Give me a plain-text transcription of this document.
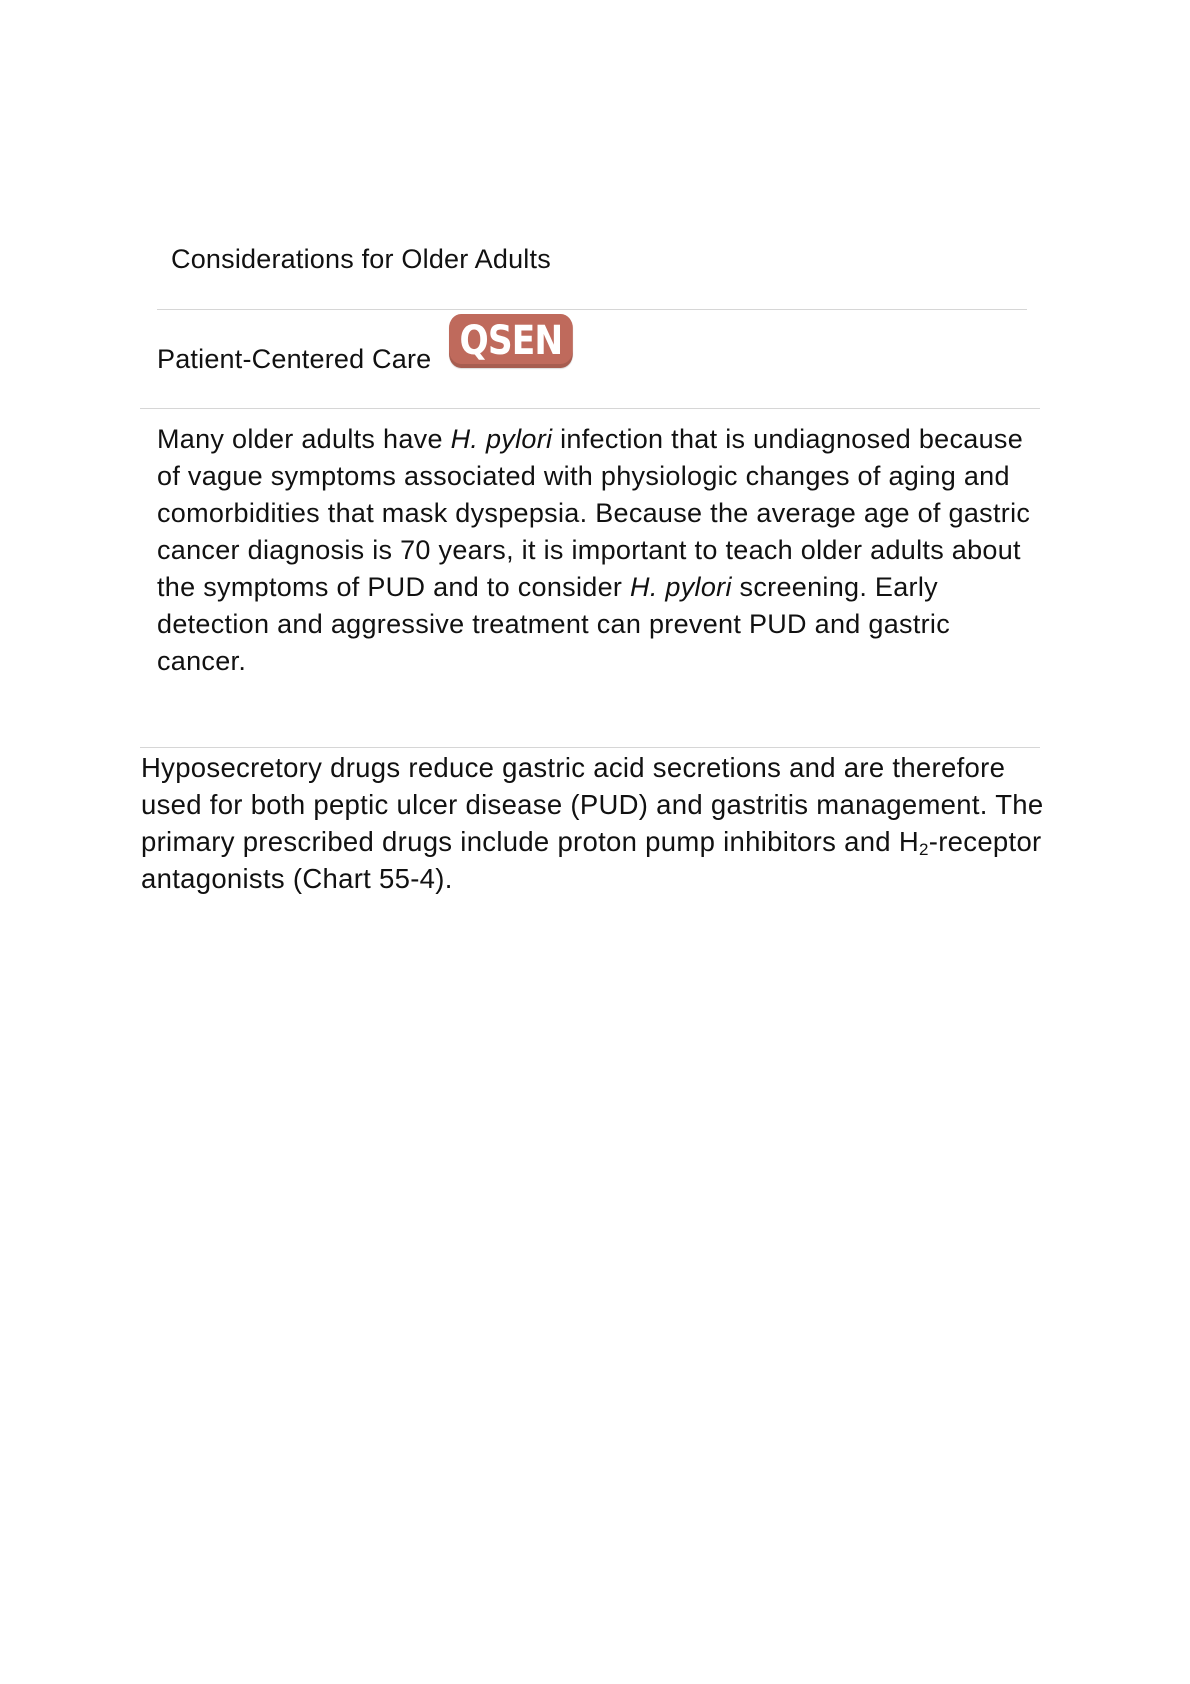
Considerations for Older Adults
Patient-Centered Care QSEN

Many older adults have H. pylori infection that is undiagnosed because of vague symptoms associated with physiologic changes of aging and comorbidities that mask dyspepsia. Because the average age of gastric cancer diagnosis is 70 years, it is important to teach older adults about the symptoms of PUD and to consider H. pylori screening. Early detection and aggressive treatment can prevent PUD and gastric cancer.

Hyposecretory drugs reduce gastric acid secretions and are therefore used for both peptic ulcer disease (PUD) and gastritis management. The primary prescribed drugs include proton pump inhibitors and $H_2$-receptor antagonists (Chart 55-4).
